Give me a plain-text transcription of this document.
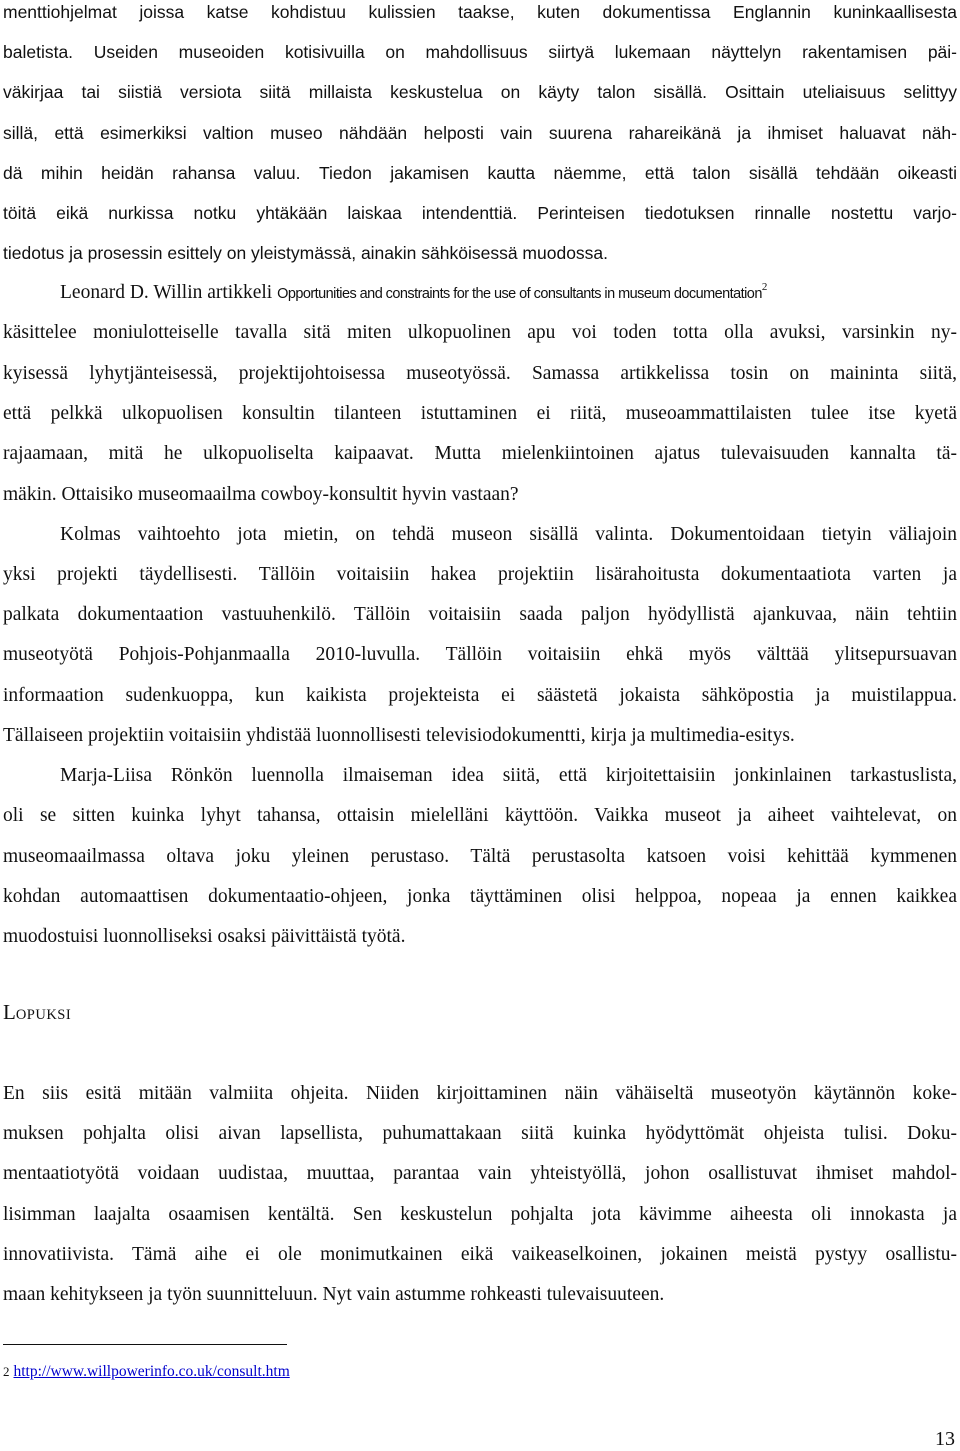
menttiohjelmat joissa katse kohdistuu kulissien taakse, kuten dokumentissa Englannin kuninkaallisesta
baletista. Useiden museoiden kotisivuilla on mahdollisuus siirtyä lukemaan näyttelyn rakentamisen päi-
väkirjaa tai siistiä versiota siitä millaista keskustelua on käyty talon sisällä. Osittain uteliaisuus selittyy
sillä, että esimerkiksi valtion museo nähdään helposti vain suurena rahareikänä ja ihmiset haluavat näh-
dä mihin heidän rahansa valuu. Tiedon jakamisen kautta näemme, että talon sisällä tehdään oikeasti
töitä eikä nurkissa notku yhtäkään laiskaa intendenttiä. Perinteisen tiedotuksen rinnalle nostettu varjo-
tiedotus ja prosessin esittely on yleistymässä, ainakin sähköisessä muodossa.
Leonard D. Willin artikkeli Opportunities and constraints for the use of consultants in museum documentation$^2$
käsittelee moniulotteiselle tavalla sitä miten ulkopuolinen apu voi toden totta olla avuksi, varsinkin ny-
kyisessä lyhytjänteisessä, projektijohtoisessa museotyössä. Samassa artikkelissa tosin on maininta siitä,
että pelkkä ulkopuolisen konsultin tilanteen istuttaminen ei riitä, museoammattilaisten tulee itse kyetä
rajaamaan, mitä he ulkopuoliselta kaipaavat. Mutta mielenkiintoinen ajatus tulevaisuuden kannalta tä-
mäkin. Ottaisiko museomaailma cowboy-konsultit hyvin vastaan?
Kolmas vaihtoehto jota mietin, on tehdä museon sisällä valinta. Dokumentoidaan tietyin väliajoin
yksi projekti täydellisesti. Tällöin voitaisiin hakea projektiin lisärahoitusta dokumentaatiota varten ja
palkata dokumentaation vastuuhenkilö. Tällöin voitaisiin saada paljon hyödyllistä ajankuvaa, näin tehtiin
museotyötä Pohjois-Pohjanmaalla 2010-luvulla. Tällöin voitaisiin ehkä myös välttää ylitsepursuavan
informaation sudenkuoppa, kun kaikista projekteista ei säästetä jokaista sähköpostia ja muistilappua.
Tällaiseen projektiin voitaisiin yhdistää luonnollisesti televisiodokumentti, kirja ja multimedia-esitys.
Marja-Liisa Rönkön luennolla ilmaiseman idea siitä, että kirjoitettaisiin jonkinlainen tarkastuslista,
oli se sitten kuinka lyhyt tahansa, ottaisin mielelläni käyttöön. Vaikka museot ja aiheet vaihtelevat, on
museomaailmassa oltava joku yleinen perustaso. Tältä perustasolta katsoen voisi kehittää kymmenen
kohdan automaattisen dokumentaatio-ohjeen, jonka täyttäminen olisi helppoa, nopeaa ja ennen kaikkea
muodostuisi luonnolliseksi osaksi päivittäistä työtä.
LOPUKSI
En siis esitä mitään valmiita ohjeita. Niiden kirjoittaminen näin vähäiseltä museotyön käytännön koke-
muksen pohjalta olisi aivan lapsellista, puhumattakaan siitä kuinka hyödyttömät ohjeista tulisi. Doku-
mentaatiotyötä voidaan uudistaa, muuttaa, parantaa vain yhteistyöllä, johon osallistuvat ihmiset mahdol-
lisimman laajalta osaamisen kentältä. Sen keskustelun pohjalta jota kävimme aiheesta oli innokasta ja
innovatiivista. Tämä aihe ei ole monimutkainen eikä vaikeaselkoinen, jokainen meistä pystyy osallistu-
maan kehitykseen ja työn suunnitteluun. Nyt vain astumme rohkeasti tulevaisuuteen.
2 http://www.willpowerinfo.co.uk/consult.htm
13
